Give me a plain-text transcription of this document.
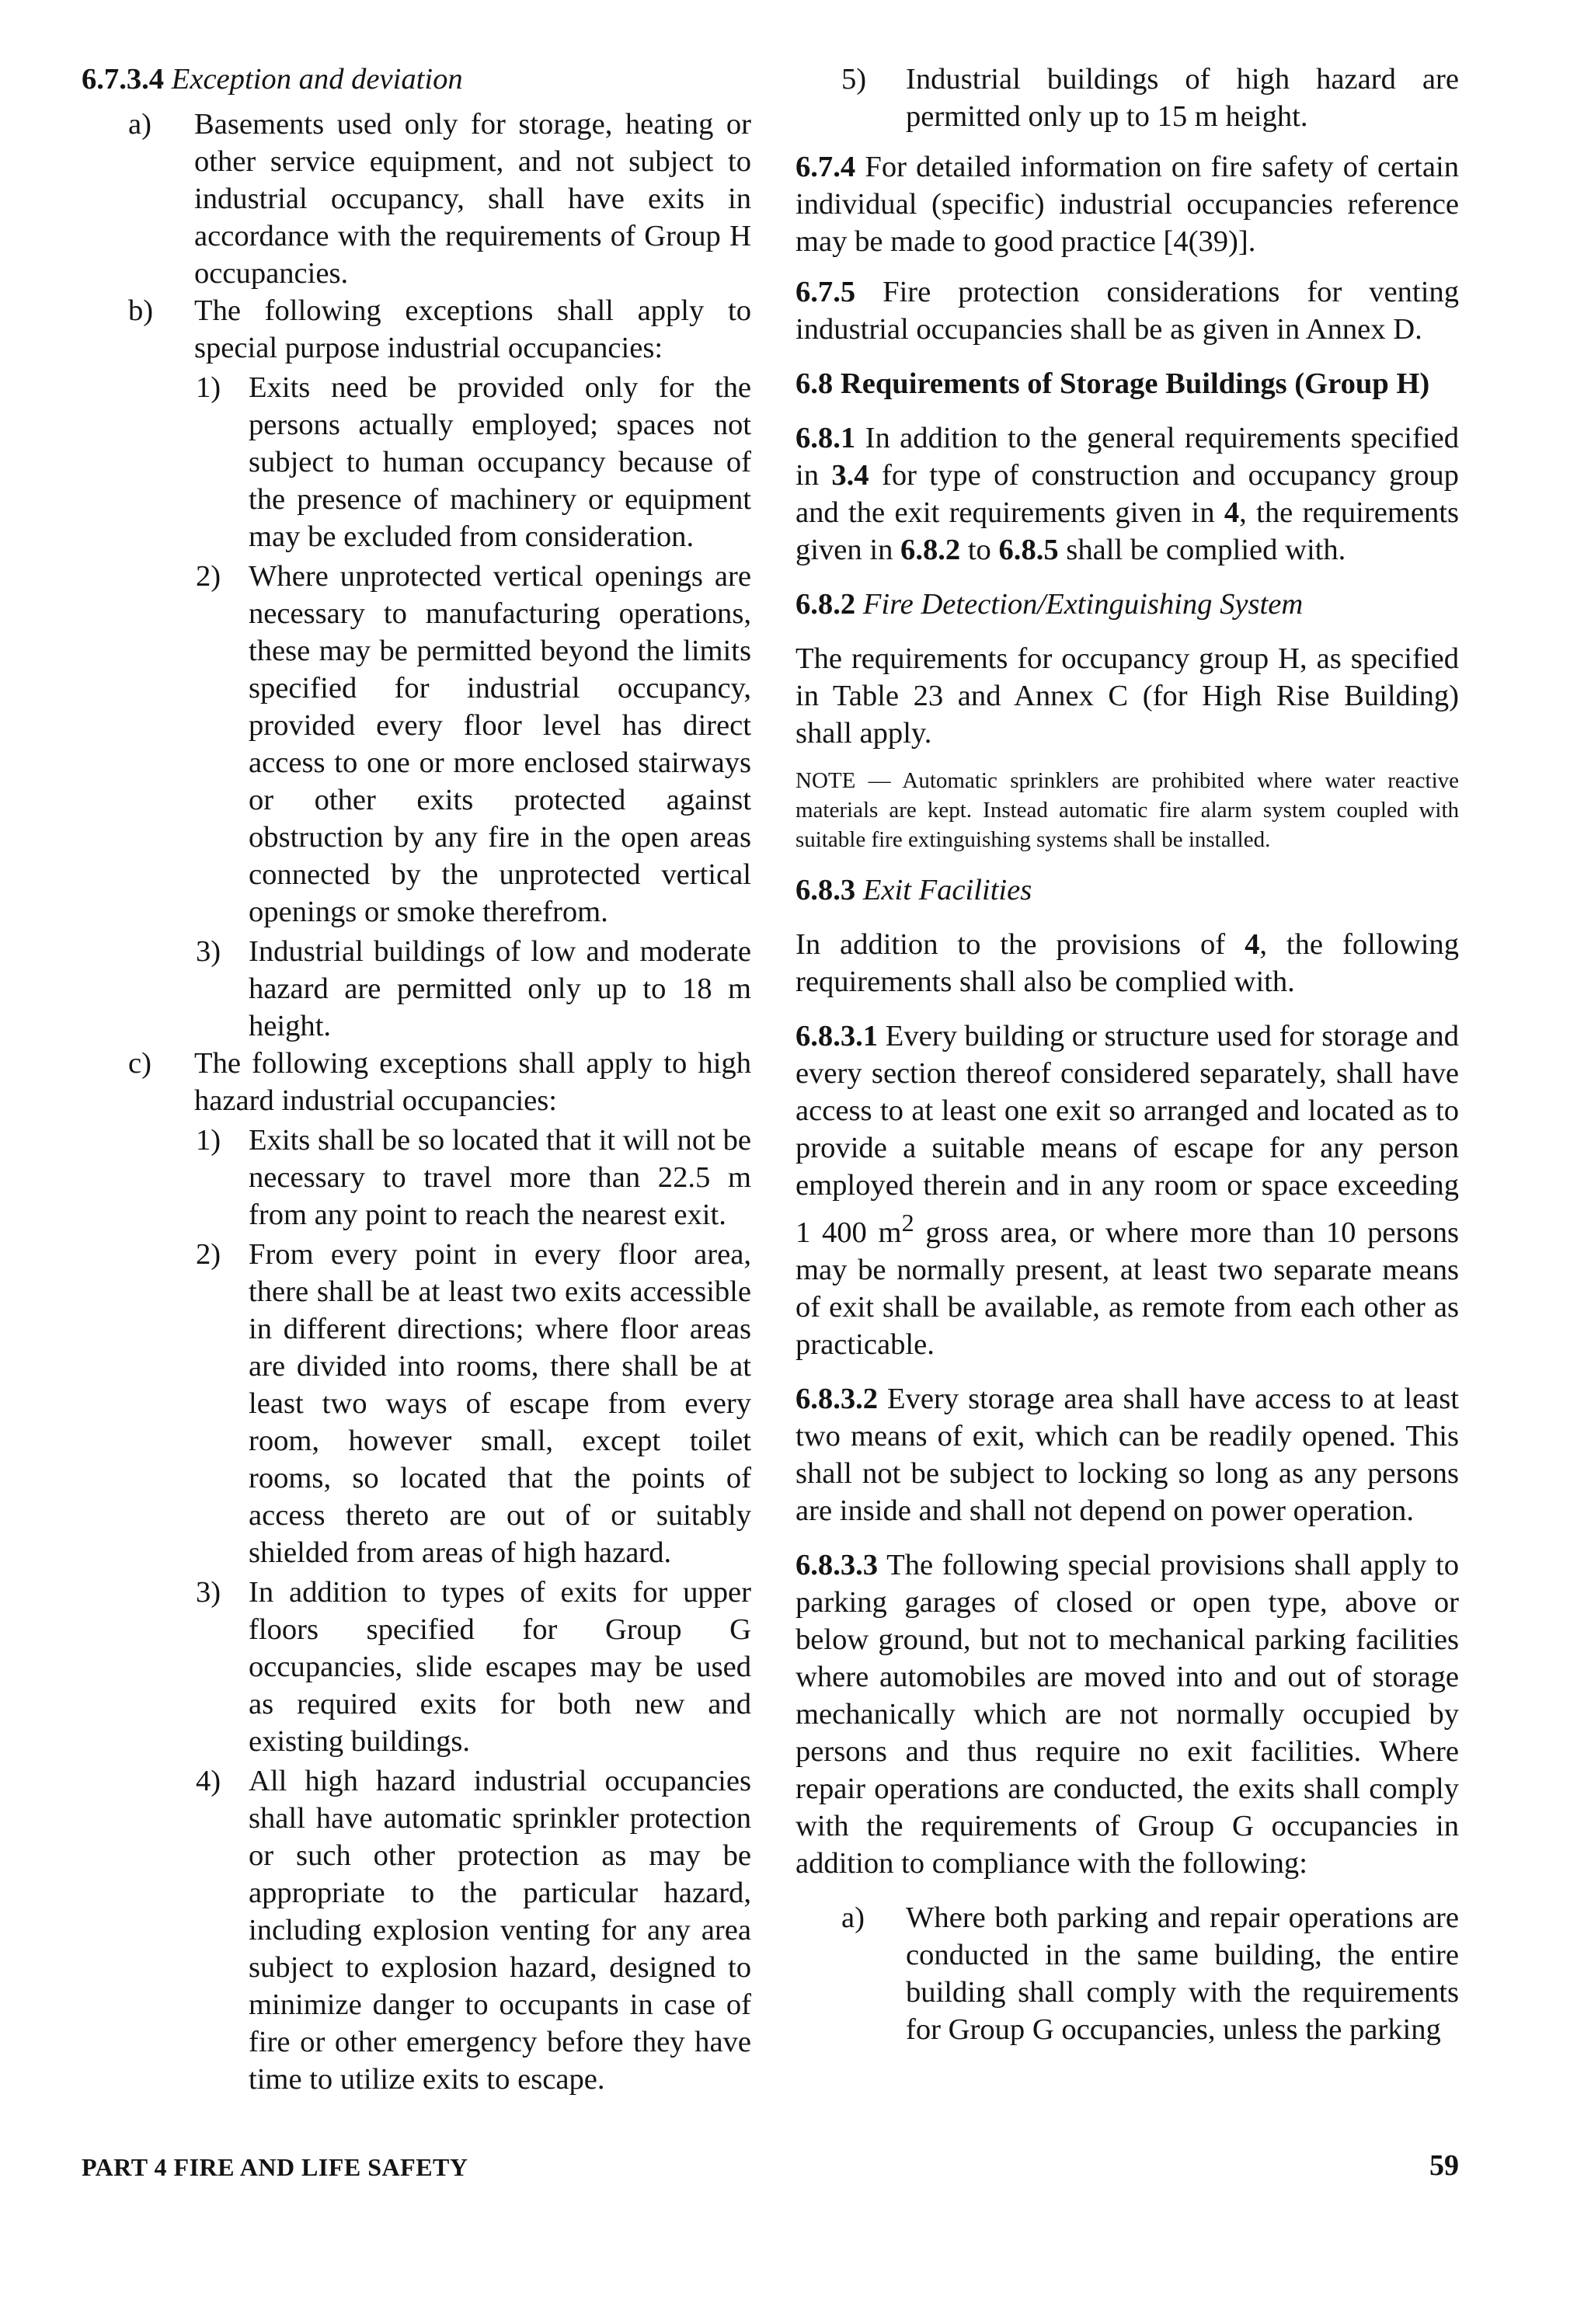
6.7.3.4 Exception and deviation

a) Basements used only for storage, heating or other service equipment, and not subject to industrial occupancy, shall have exits in accordance with the requirements of Group H occupancies.

b) The following exceptions shall apply to special purpose industrial occupancies:

1) Exits need be provided only for the persons actually employed; spaces not subject to human occupancy because of the presence of machinery or equipment may be excluded from consideration.

2) Where unprotected vertical openings are necessary to manufacturing operations, these may be permitted beyond the limits specified for industrial occupancy, provided every floor level has direct access to one or more enclosed stairways or other exits protected against obstruction by any fire in the open areas connected by the unprotected vertical openings or smoke therefrom.

3) Industrial buildings of low and moderate hazard are permitted only up to 18 m height.

c) The following exceptions shall apply to high hazard industrial occupancies:

1) Exits shall be so located that it will not be necessary to travel more than 22.5 m from any point to reach the nearest exit.

2) From every point in every floor area, there shall be at least two exits accessible in different directions; where floor areas are divided into rooms, there shall be at least two ways of escape from every room, however small, except toilet rooms, so located that the points of access thereto are out of or suitably shielded from areas of high hazard.

3) In addition to types of exits for upper floors specified for Group G occupancies, slide escapes may be used as required exits for both new and existing buildings.

4) All high hazard industrial occupancies shall have automatic sprinkler protection or such other protection as may be appropriate to the particular hazard, including explosion venting for any area subject to explosion hazard, designed to minimize danger to occupants in case of fire or other emergency before they have time to utilize exits to escape.

5) Industrial buildings of high hazard are permitted only up to 15 m height.

6.7.4 For detailed information on fire safety of certain individual (specific) industrial occupancies reference may be made to good practice [4(39)].

6.7.5 Fire protection considerations for venting industrial occupancies shall be as given in Annex D.

6.8 Requirements of Storage Buildings (Group H)

6.8.1 In addition to the general requirements specified in 3.4 for type of construction and occupancy group and the exit requirements given in 4, the requirements given in 6.8.2 to 6.8.5 shall be complied with.

6.8.2 Fire Detection/Extinguishing System

The requirements for occupancy group H, as specified in Table 23 and Annex C (for High Rise Building) shall apply.

NOTE — Automatic sprinklers are prohibited where water reactive materials are kept. Instead automatic fire alarm system coupled with suitable fire extinguishing systems shall be installed.

6.8.3 Exit Facilities

In addition to the provisions of 4, the following requirements shall also be complied with.

6.8.3.1 Every building or structure used for storage and every section thereof considered separately, shall have access to at least one exit so arranged and located as to provide a suitable means of escape for any person employed therein and in any room or space exceeding 1 400 $m^2$ gross area, or where more than 10 persons may be normally present, at least two separate means of exit shall be available, as remote from each other as practicable.

6.8.3.2 Every storage area shall have access to at least two means of exit, which can be readily opened. This shall not be subject to locking so long as any persons are inside and shall not depend on power operation.

6.8.3.3 The following special provisions shall apply to parking garages of closed or open type, above or below ground, but not to mechanical parking facilities where automobiles are moved into and out of storage mechanically which are not normally occupied by persons and thus require no exit facilities. Where repair operations are conducted, the exits shall comply with the requirements of Group G occupancies in addition to compliance with the following:

a) Where both parking and repair operations are conducted in the same building, the entire building shall comply with the requirements for Group G occupancies, unless the parking

PART 4 FIRE AND LIFE SAFETY	59
